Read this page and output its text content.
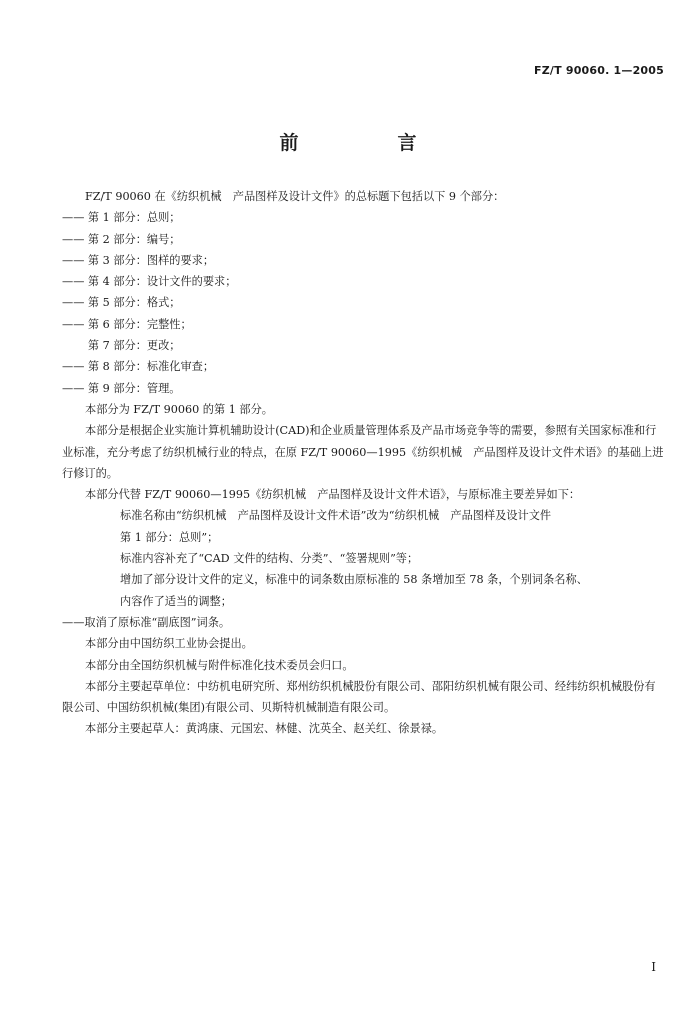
FZ/T 90060. 1—2005
前　言

FZ/T 90060 在《纺织机械　产品图样及设计文件》的总标题下包括以下 9 个部分：

—— 第 1 部分：总则；

—— 第 2 部分：编号；

—— 第 3 部分：图样的要求；

—— 第 4 部分：设计文件的要求；

—— 第 5 部分：格式；

—— 第 6 部分：完整性；

　　 第 7 部分：更改；

—— 第 8 部分：标准化审查；

—— 第 9 部分：管理。

本部分为 FZ/T 90060 的第 1 部分。

本部分是根据企业实施计算机辅助设计(CAD)和企业质量管理体系及产品市场竞争等的需要，参照有关国家标准和行业标准，充分考虑了纺织机械行业的特点，在原 FZ/T 90060—1995《纺织机械　产品图样及设计文件术语》的基础上进行修订的。

本部分代替 FZ/T 90060—1995《纺织机械　产品图样及设计文件术语》，与原标准主要差异如下：

标准名称由“纺织机械　产品图样及设计文件术语”改为“纺织机械　产品图样及设计文件

第 1 部分：总则”；

标准内容补充了“CAD 文件的结构、分类”、“签署规则”等；

增加了部分设计文件的定义，标准中的词条数由原标准的 58 条增加至 78 条，个别词条名称、

内容作了适当的调整；

——取消了原标准“副底图”词条。

本部分由中国纺织工业协会提出。

本部分由全国纺织机械与附件标准化技术委员会归口。

本部分主要起草单位：中纺机电研究所、郑州纺织机械股份有限公司、邵阳纺织机械有限公司、经纬纺织机械股份有限公司、中国纺织机械(集团)有限公司、贝斯特机械制造有限公司。

本部分主要起草人：黄鸿康、元国宏、林健、沈英全、赵关红、徐景禄。

I
